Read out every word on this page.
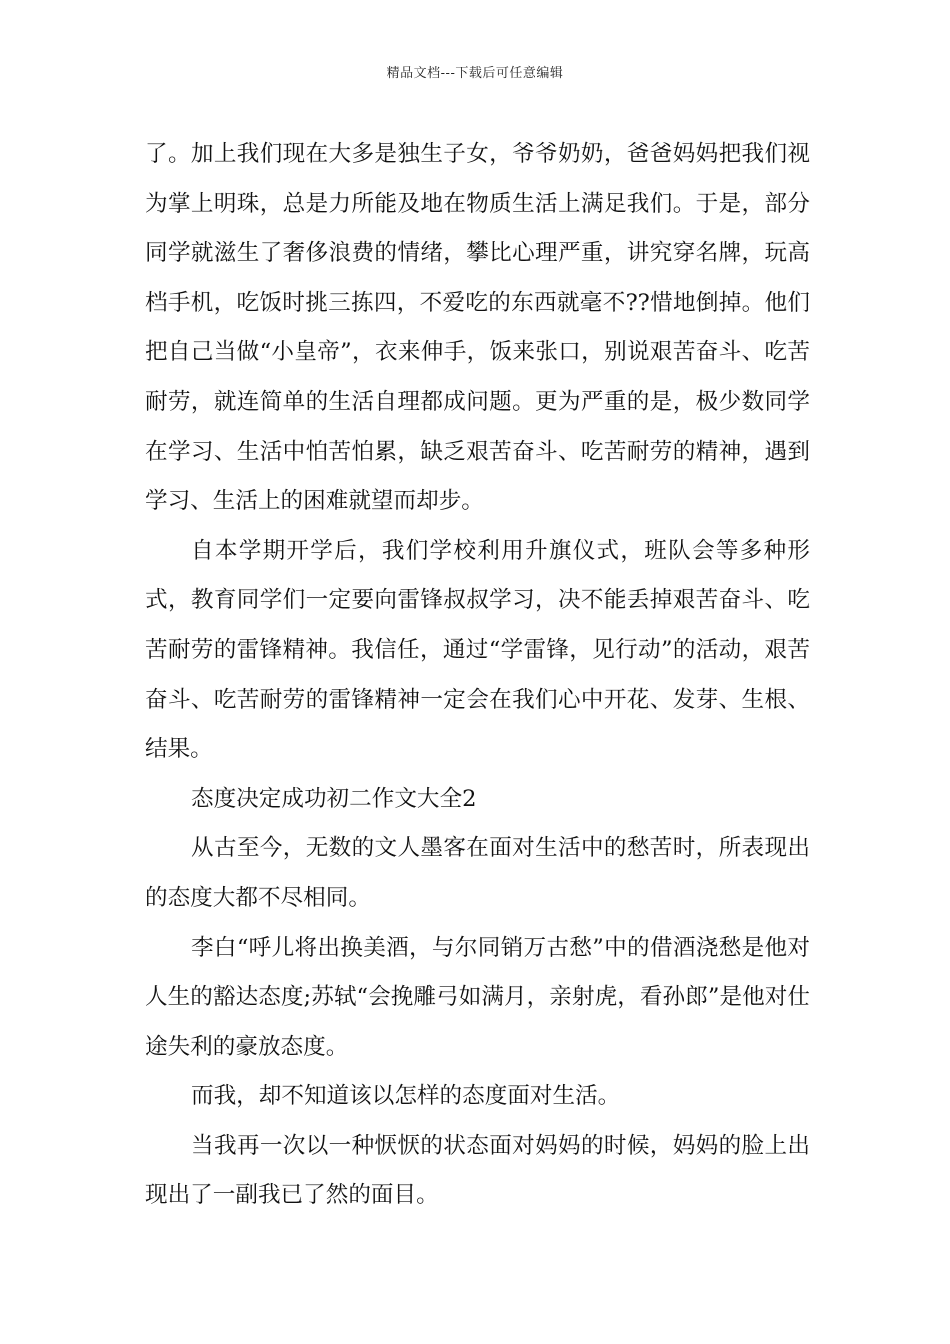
精品文档---下载后可任意编辑

了。加上我们现在大多是独生子女，爷爷奶奶，爸爸妈妈把我们视为掌上明珠，总是力所能及地在物质生活上满足我们。于是，部分同学就滋生了奢侈浪费的情绪，攀比心理严重，讲究穿名牌，玩高档手机，吃饭时挑三拣四，不爱吃的东西就毫不??惜地倒掉。他们把自己当做“小皇帝”，衣来伸手，饭来张口，别说艰苦奋斗、吃苦耐劳，就连简单的生活自理都成问题。更为严重的是，极少数同学在学习、生活中怕苦怕累，缺乏艰苦奋斗、吃苦耐劳的精神，遇到学习、生活上的困难就望而却步。

自本学期开学后，我们学校利用升旗仪式，班队会等多种形式，教育同学们一定要向雷锋叔叔学习，决不能丢掉艰苦奋斗、吃苦耐劳的雷锋精神。我信任，通过“学雷锋，见行动”的活动，艰苦奋斗、吃苦耐劳的雷锋精神一定会在我们心中开花、发芽、生根、结果。

态度决定成功初二作文大全2

从古至今，无数的文人墨客在面对生活中的愁苦时，所表现出的态度大都不尽相同。

李白“呼儿将出换美酒，与尔同销万古愁”中的借酒浇愁是他对人生的豁达态度;苏轼“会挽雕弓如满月，亲射虎，看孙郎”是他对仕途失利的豪放态度。

而我，却不知道该以怎样的态度面对生活。

当我再一次以一种恹恹的状态面对妈妈的时候，妈妈的脸上出现出了一副我已了然的面目。
